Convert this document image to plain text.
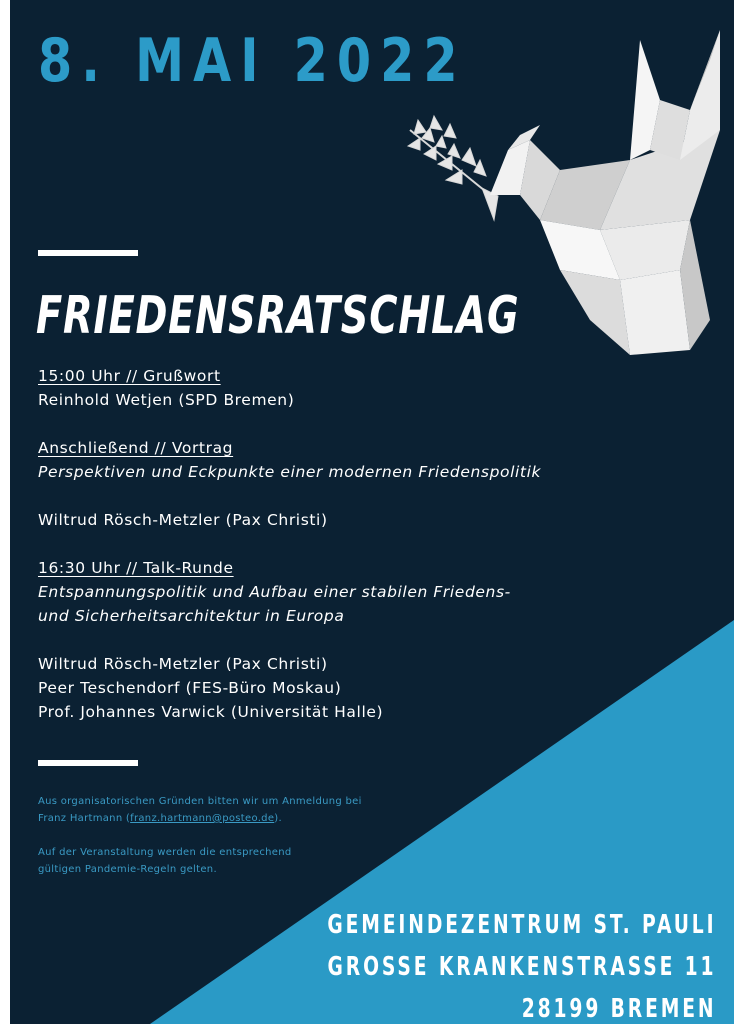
8. MAI 2022
FRIEDENSRATSCHLAG
15:00 Uhr // Grußwort
Reinhold Wetjen (SPD Bremen)
Anschließend // Vortrag
Perspektiven und Eckpunkte einer modernen Friedenspolitik
Wiltrud Rösch-Metzler (Pax Christi)
16:30 Uhr // Talk-Runde
Entspannungspolitik und Aufbau einer stabilen Friedens-
und Sicherheitsarchitektur in Europa
Wiltrud Rösch-Metzler (Pax Christi)
Peer Teschendorf (FES-Büro Moskau)
Prof. Johannes Varwick (Universität Halle)
Aus organisatorischen Gründen bitten wir um Anmeldung bei
Franz Hartmann (franz.hartmann@posteo.de).
Auf der Veranstaltung werden die entsprechend
gültigen Pandemie-Regeln gelten.
GEMEINDEZENTRUM ST. PAULI
GROSSE KRANKENSTRASSE 11
28199 BREMEN
